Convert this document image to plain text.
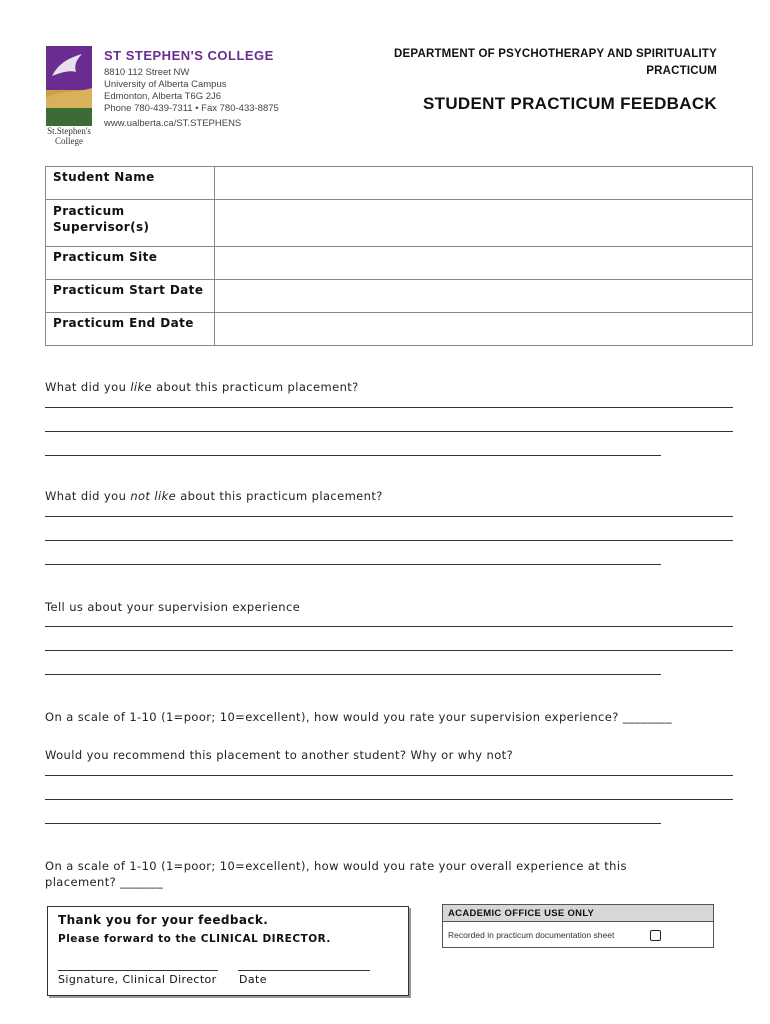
St.Stephen's College
ST STEPHEN'S COLLEGE
8810 112 Street NW
University of Alberta Campus
Edmonton, Alberta T6G 2J6
Phone 780-439-7311 • Fax 780-433-8875
www.ualberta.ca/ST.STEPHENS
DEPARTMENT OF PSYCHOTHERAPY AND SPIRITUALITY
PRACTICUM
STUDENT PRACTICUM FEEDBACK
Student Name	
Practicum Supervisor(s)	
Practicum Site	
Practicum Start Date	
Practicum End Date	
What did you like about this practicum placement?
What did you not like about this practicum placement?
Tell us about your supervision experience
On a scale of 1-10 (1=poor; 10=excellent), how would you rate your supervision experience? ________
Would you recommend this placement to another student? Why or why not?
On a scale of 1-10 (1=poor; 10=excellent), how would you rate your overall experience at this
placement? _______
Thank you for your feedback.
Please forward to the CLINICAL DIRECTOR.
Signature, Clinical Director Date
ACADEMIC OFFICE USE ONLY
Recorded in practicum documentation sheet
